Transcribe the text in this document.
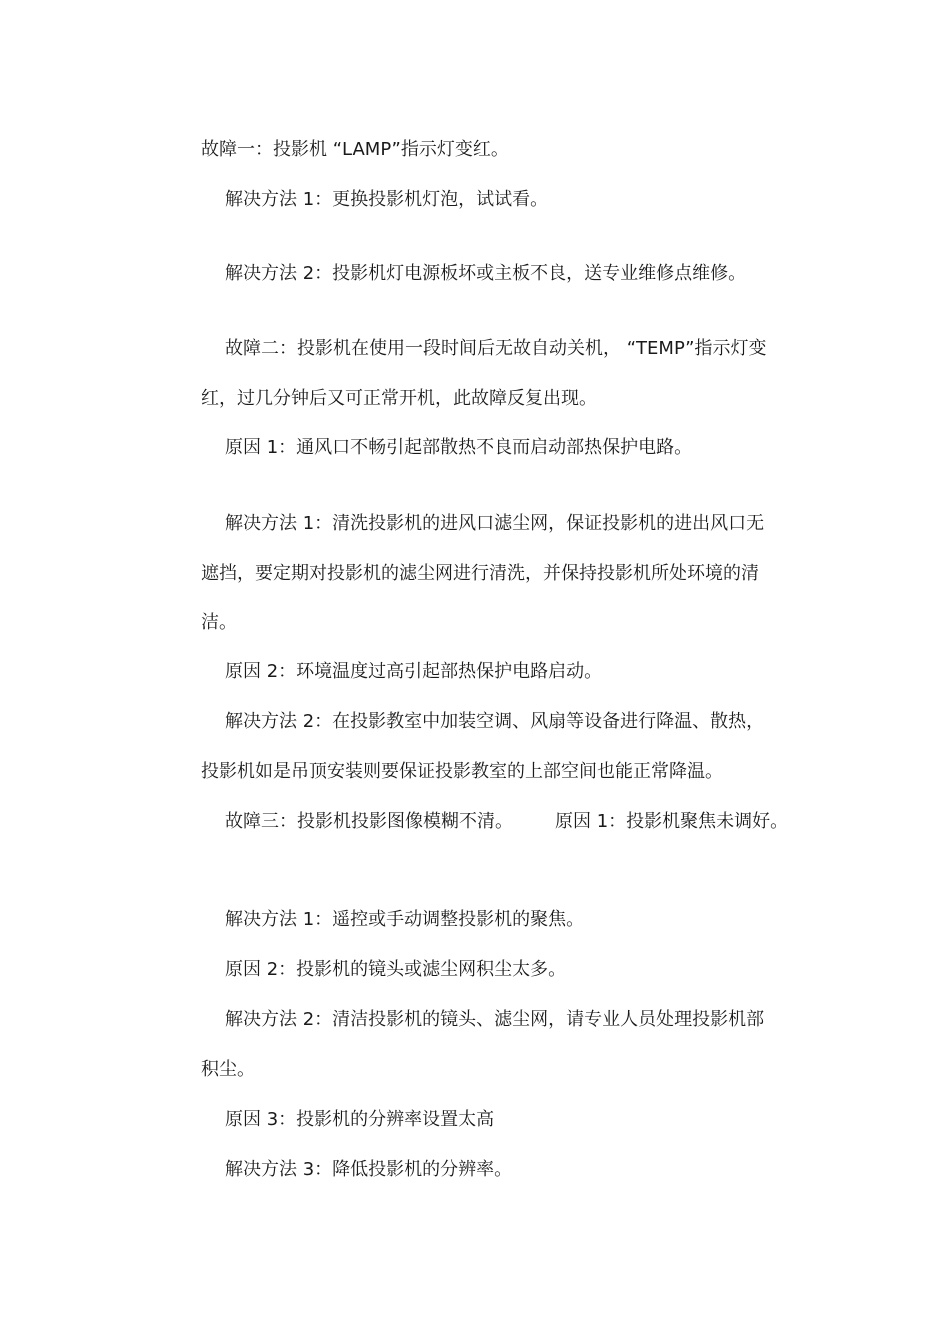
故障一：投影机 “LAMP”指示灯变红。
解决方法 1：更换投影机灯泡，试试看。
解决方法 2：投影机灯电源板坏或主板不良，送专业维修点维修。
故障二：投影机在使用一段时间后无故自动关机， “TEMP”指示灯变
红，过几分钟后又可正常开机，此故障反复出现。
原因 1：通风口不畅引起部散热不良而启动部热保护电路。
解决方法 1：清洗投影机的进风口滤尘网，保证投影机的进出风口无
遮挡，要定期对投影机的滤尘网进行清洗，并保持投影机所处环境的清
洁。
原因 2：环境温度过高引起部热保护电路启动。
解决方法 2：在投影教室中加装空调、风扇等设备进行降温、散热，
投影机如是吊顶安装则要保证投影教室的上部空间也能正常降温。
故障三：投影机投影图像模糊不清。 原因 1：投影机聚焦未调好。
解决方法 1：遥控或手动调整投影机的聚焦。
原因 2：投影机的镜头或滤尘网积尘太多。
解决方法 2：清洁投影机的镜头、滤尘网，请专业人员处理投影机部
积尘。
原因 3：投影机的分辨率设置太高
解决方法 3：降低投影机的分辨率。
